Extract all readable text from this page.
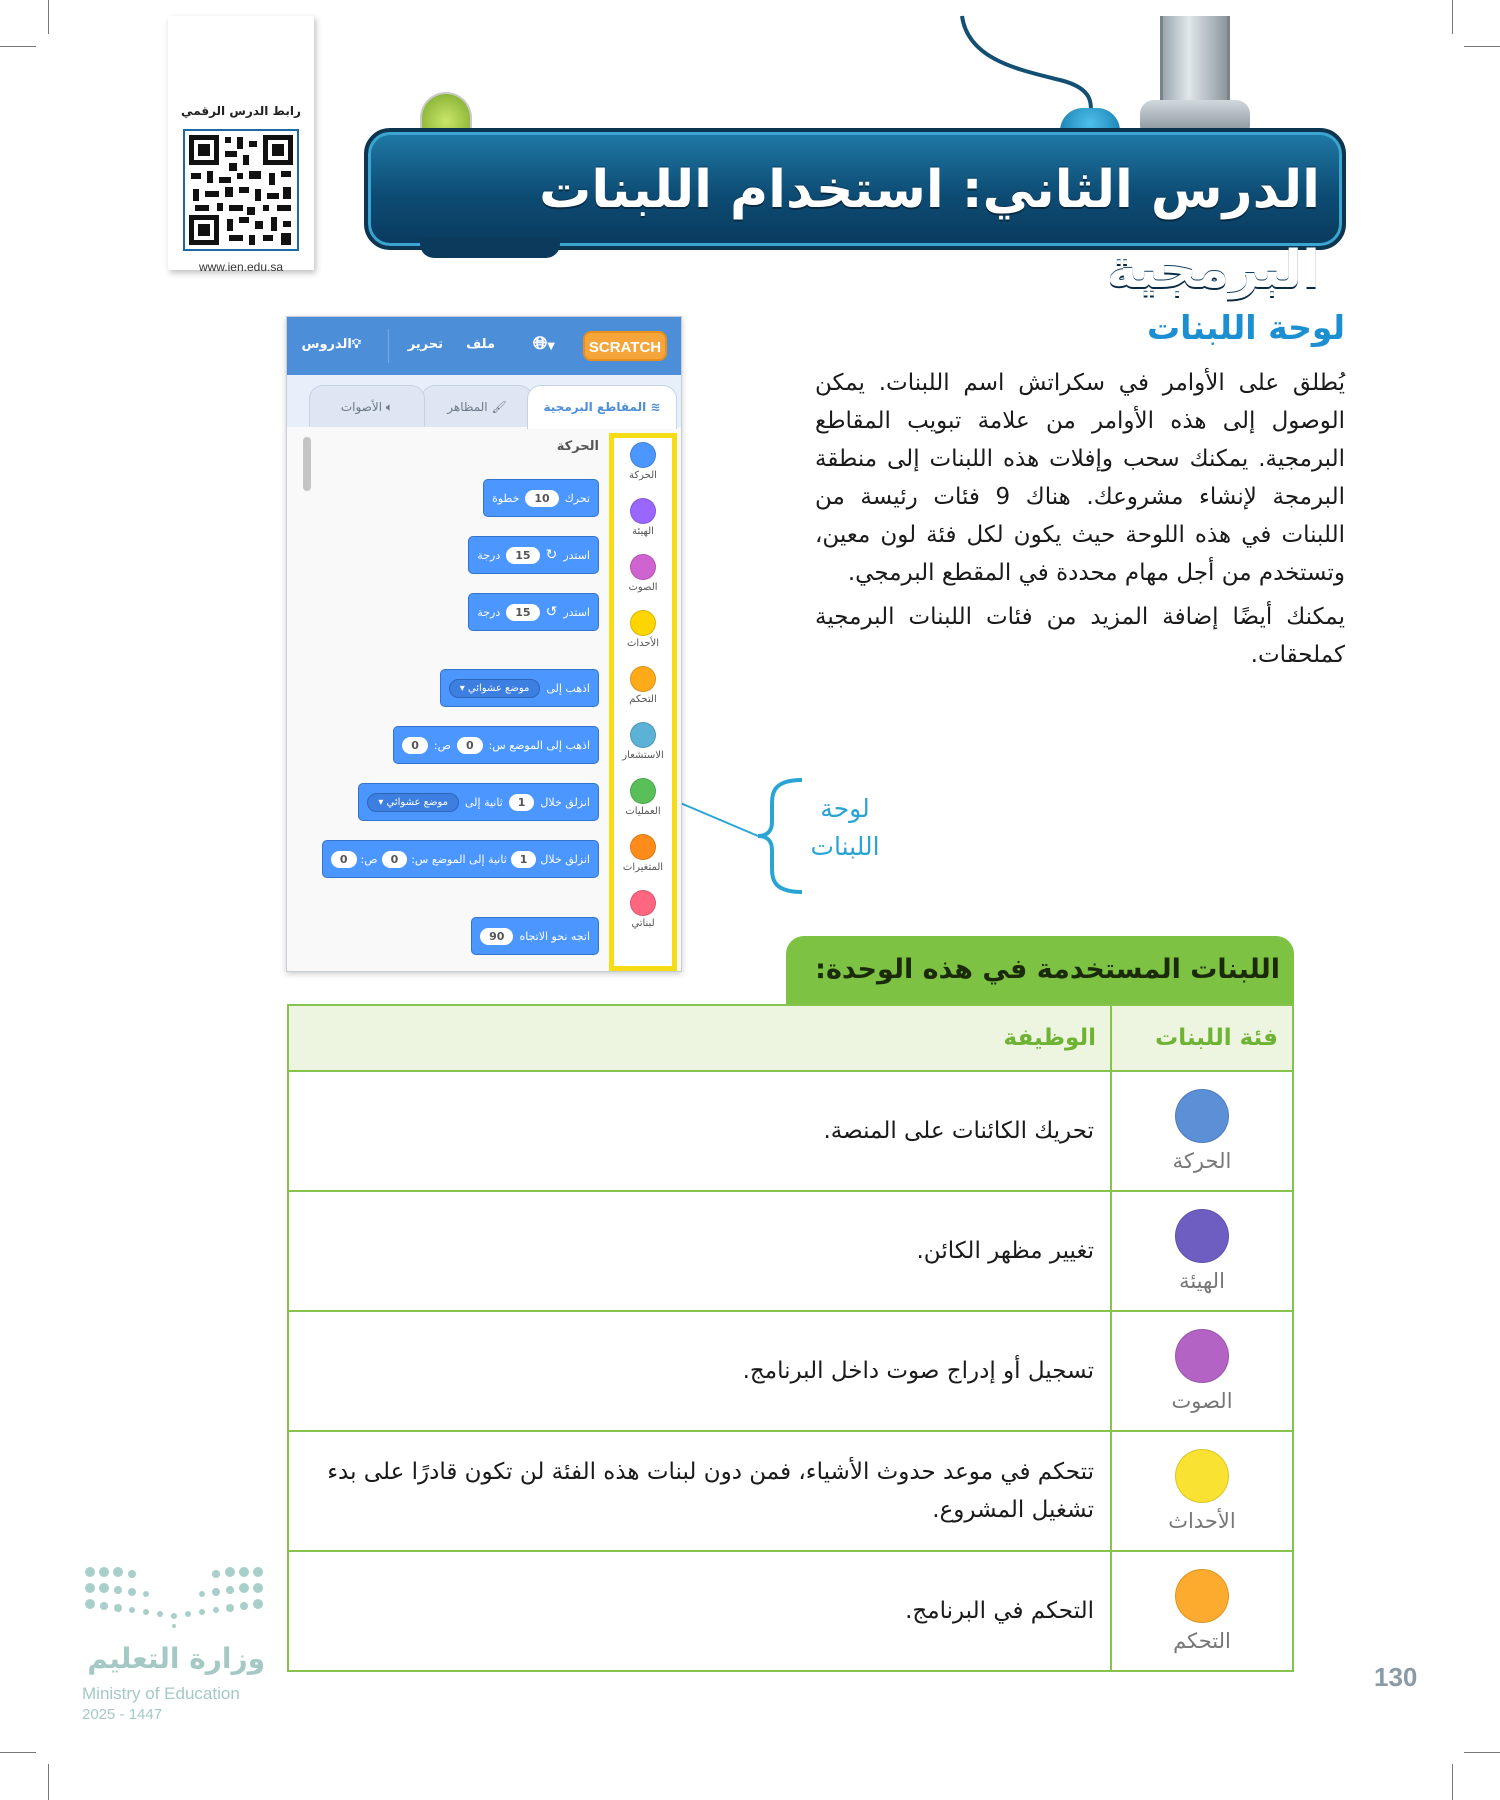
رابط الدرس الرقمي
www.ien.edu.sa
الدرس الثاني: استخدام اللبنات البرمجية
لوحة اللبنات

يُطلق على الأوامر في سكراتش اسم اللبنات. يمكن الوصول إلى هذه الأوامر من علامة تبويب المقاطع البرمجية. يمكنك سحب وإفلات هذه اللبنات إلى منطقة البرمجة لإنشاء مشروعك. هناك 9 فئات رئيسة من اللبنات في هذه اللوحة حيث يكون لكل فئة لون معين، وتستخدم من أجل مهام محددة في المقطع البرمجي.

يمكنك أيضًا إضافة المزيد من فئات اللبنات البرمجية كملحقات.

لوحة
اللبنات
SCRATCH
🌐︎▼
ملف
تحرير
💡︎الدروس
≋ المقاطع البرمجية
🖌︎ المظاهر
🔈︎ الأصوات
الحركة
الحركة
الهيئة
الصوت
الأحداث
التحكم
الاستشعار
العمليات
المتغيرات
لبناتي
تحرك
10
خطوة
استدر
↻
15
درجة
استدر
↺
15
درجة
اذهب إلى
موضع عشوائي ▾
اذهب إلى الموضع س:
0
ص:
0
انزلق خلال
1
ثانية إلى
موضع عشوائي ▾
انزلق خلال
1
ثانية إلى الموضع س:
0
ص:
0
اتجه نحو الاتجاه
90
اللبنات المستخدمة في هذه الوحدة:
فئة اللبنات	الوظيفة

الحركة	تحريك الكائنات على المنصة.

الهيئة	تغيير مظهر الكائن.

الصوت	تسجيل أو إدراج صوت داخل البرنامج.

الأحداث	تتحكم في موعد حدوث الأشياء، فمن دون لبنات هذه الفئة لن تكون قادرًا على بدء تشغيل المشروع.

التحكم	التحكم في البرنامج.
130
وزارة التعليم
Ministry of Education
2025 - 1447
